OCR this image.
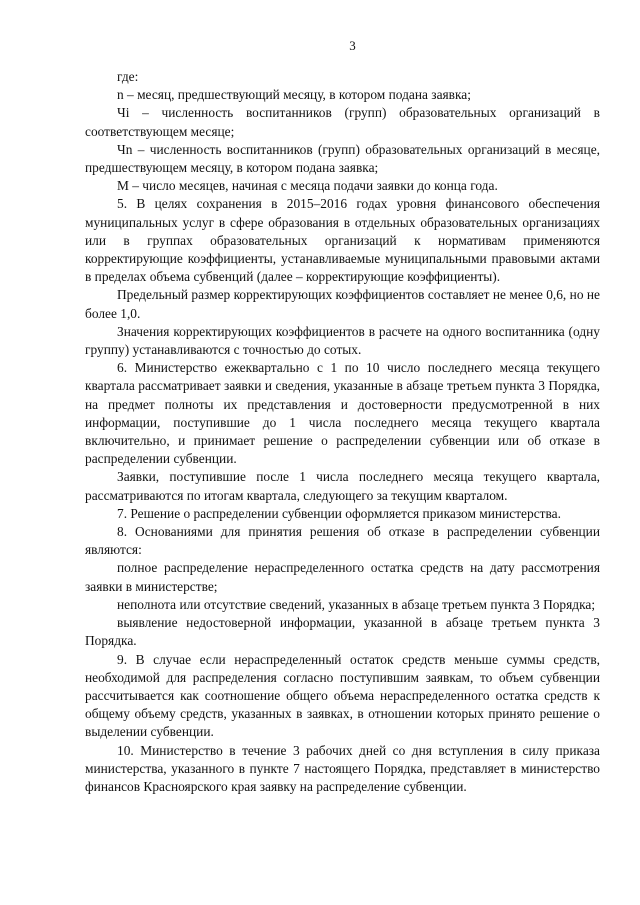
3

где:

n – месяц, предшествующий месяцу, в котором подана заявка;

Чi – численность воспитанников (групп) образовательных организаций в соответствующем месяце;

Чn – численность воспитанников (групп) образовательных организаций в месяце, предшествующем месяцу, в котором подана заявка;

М – число месяцев, начиная с месяца подачи заявки до конца года.

5. В целях сохранения в 2015–2016 годах уровня финансового обеспечения муниципальных услуг в сфере образования в отдельных образовательных организациях или в группах образовательных организаций к нормативам применяются корректирующие коэффициенты, устанавливаемые муниципальными правовыми актами в пределах объема субвенций (далее – корректирующие коэффициенты).

Предельный размер корректирующих коэффициентов составляет не менее 0,6, но не более 1,0.

Значения корректирующих коэффициентов в расчете на одного воспитанника (одну группу) устанавливаются с точностью до сотых.

6. Министерство ежеквартально с 1 по 10 число последнего месяца текущего квартала рассматривает заявки и сведения, указанные в абзаце третьем пункта 3 Порядка, на предмет полноты их представления и достоверности предусмотренной в них информации, поступившие до 1 числа последнего месяца текущего квартала включительно, и принимает решение о распределении субвенции или об отказе в распределении субвенции.

Заявки, поступившие после 1 числа последнего месяца текущего квартала, рассматриваются по итогам квартала, следующего за текущим кварталом.

7. Решение о распределении субвенции оформляется приказом министерства.

8. Основаниями для принятия решения об отказе в распределении субвенции являются:

полное распределение нераспределенного остатка средств на дату рассмотрения заявки в министерстве;

неполнота или отсутствие сведений, указанных в абзаце третьем пункта 3 Порядка;

выявление недостоверной информации, указанной в абзаце третьем пункта 3 Порядка.

9. В случае если нераспределенный остаток средств меньше суммы средств, необходимой для распределения согласно поступившим заявкам, то объем субвенции рассчитывается как соотношение общего объема нераспределенного остатка средств к общему объему средств, указанных в заявках, в отношении которых принято решение о выделении субвенции.

10. Министерство в течение 3 рабочих дней со дня вступления в силу приказа министерства, указанного в пункте 7 настоящего Порядка, представляет в министерство финансов Красноярского края заявку на распределение субвенции.
